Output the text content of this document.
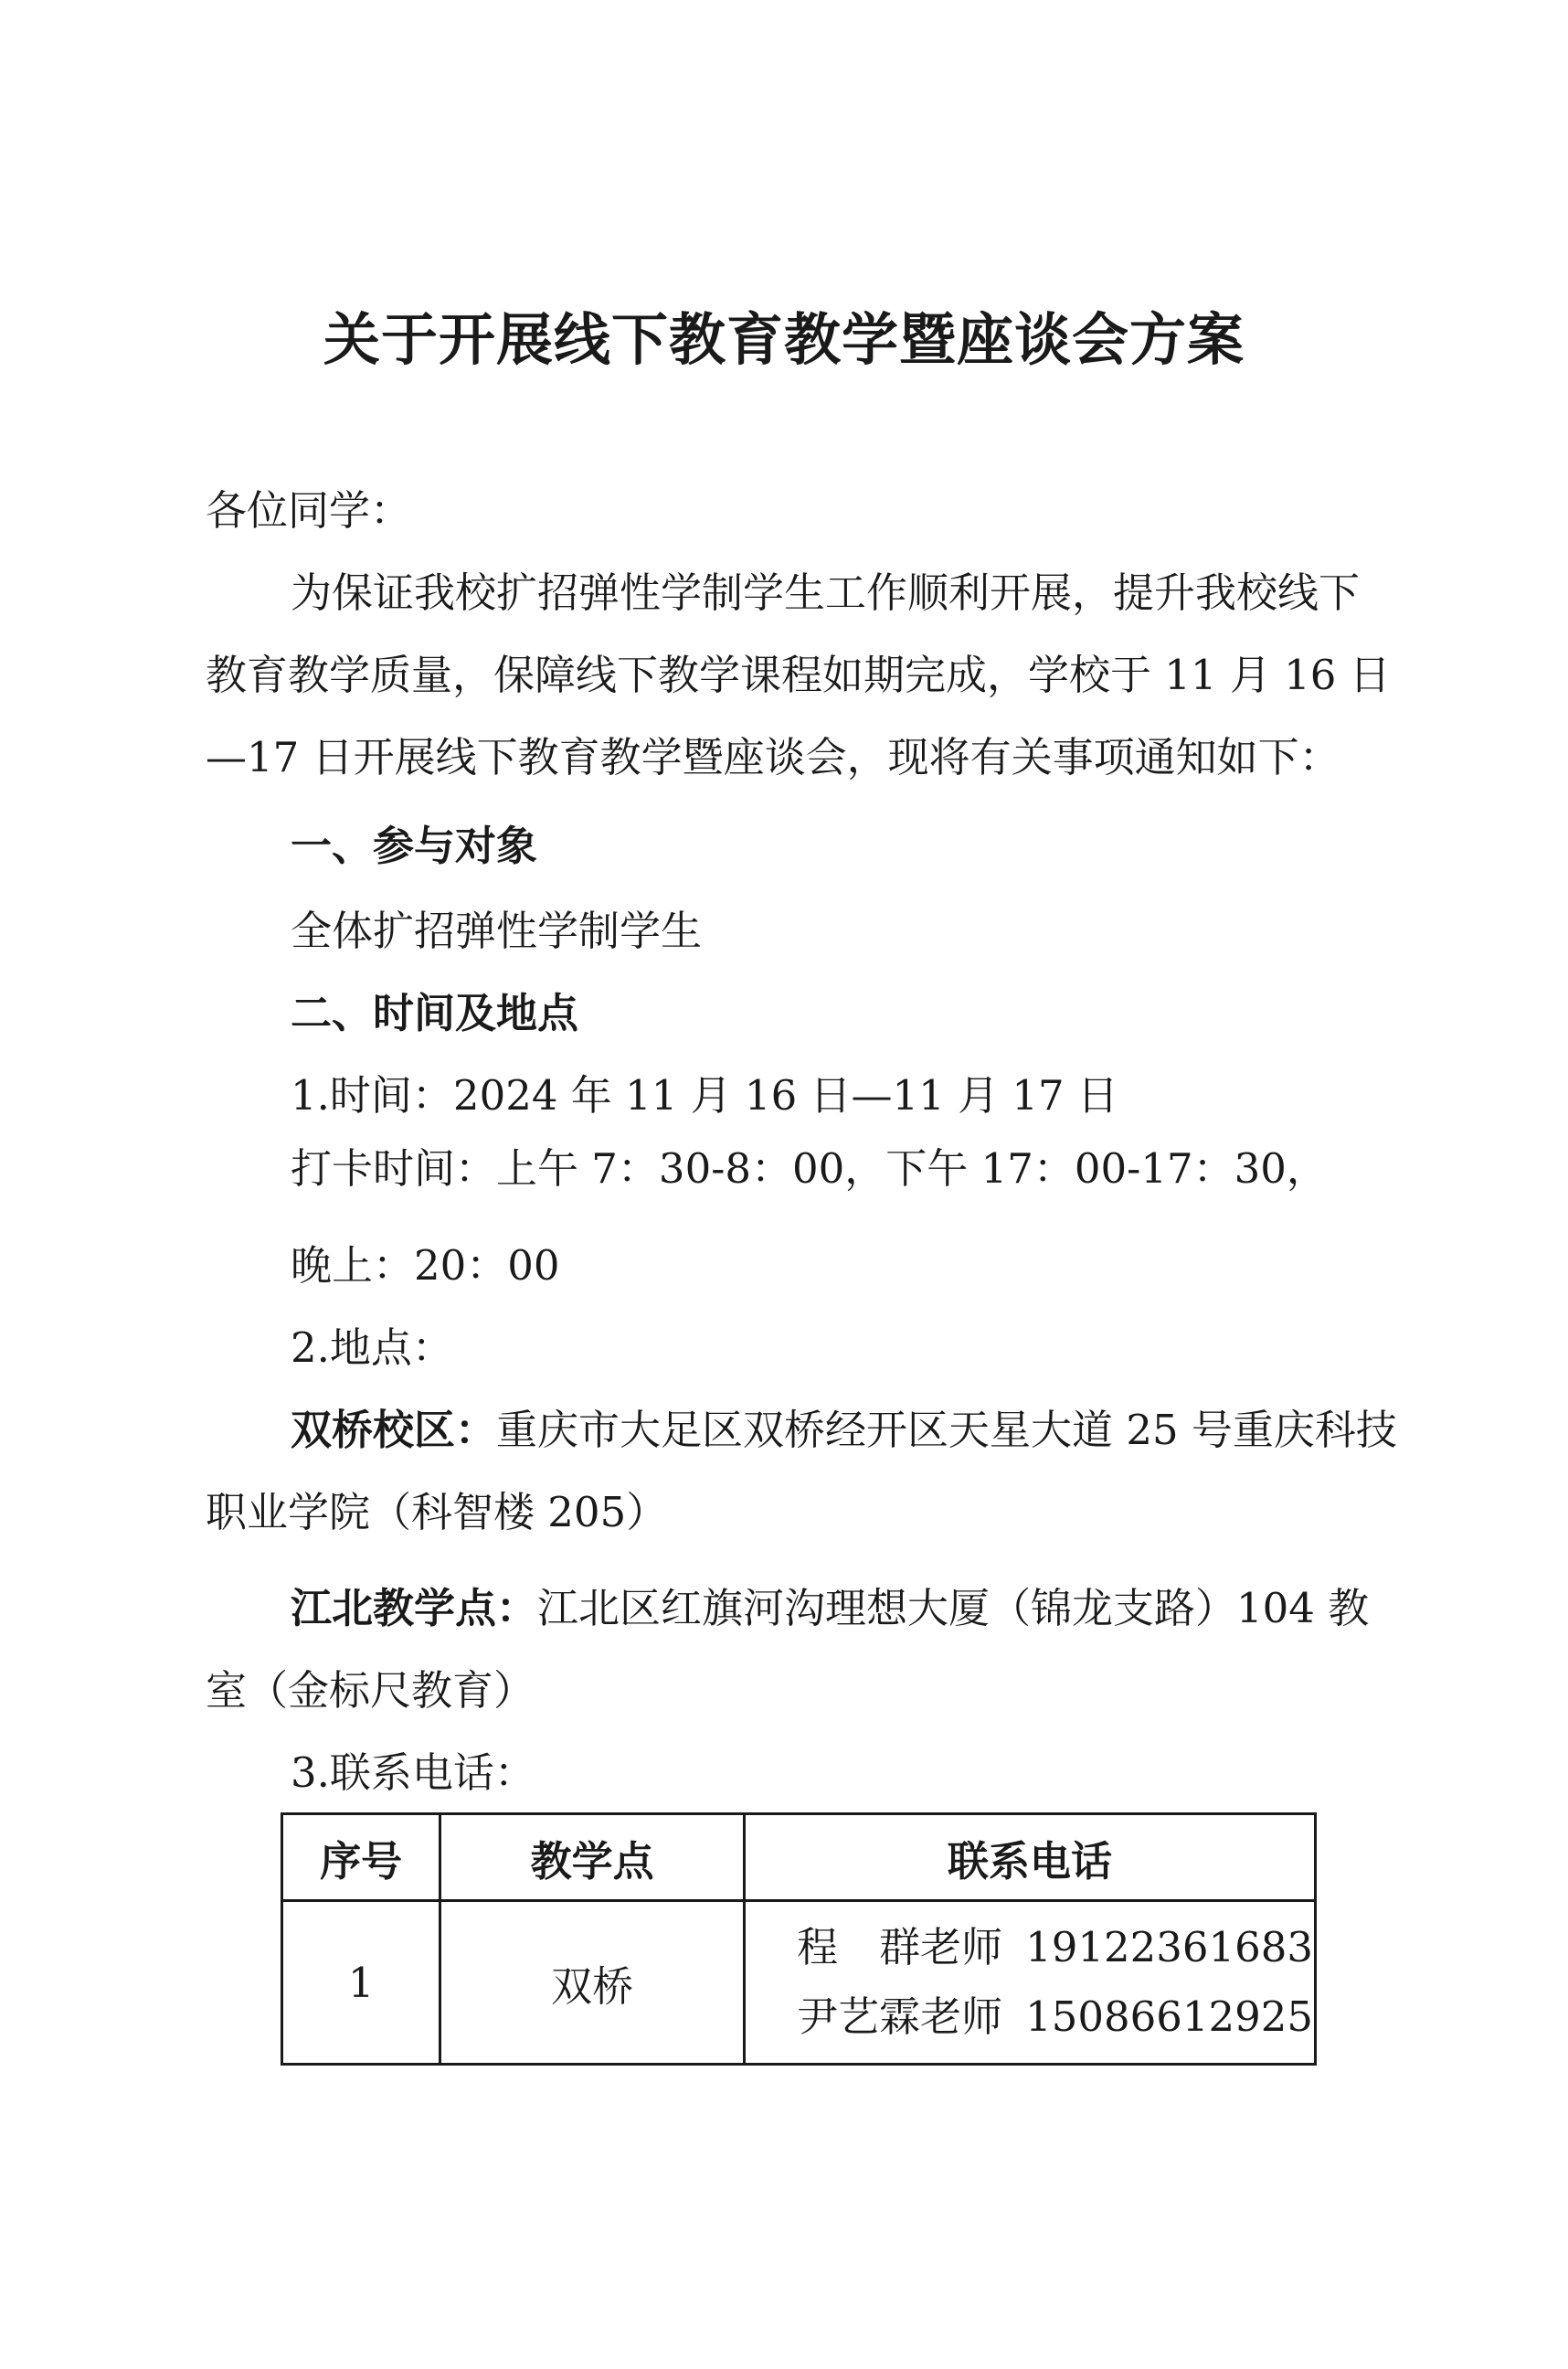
关于开展线下教育教学暨座谈会方案
各位同学：
为保证我校扩招弹性学制学生工作顺利开展，提升我校线下
教育教学质量，保障线下教学课程如期完成，学校于 11 月 16 日
—17 日开展线下教育教学暨座谈会，现将有关事项通知如下：
一、参与对象
全体扩招弹性学制学生
二、时间及地点
1.时间：2024 年 11 月 16 日—11 月 17 日
打卡时间：上午 7：30-8：00，下午 17：00-17：30，
晚上：20：00
2.地点：
双桥校区：重庆市大足区双桥经开区天星大道 25 号重庆科技
职业学院（科智楼 205）
江北教学点：江北区红旗河沟理想大厦（锦龙支路）104 教
室（金标尺教育）
3.联系电话：
序号	教学点	联系电话
1	双桥	程 群老师 19122361683
尹艺霖老师 15086612925
